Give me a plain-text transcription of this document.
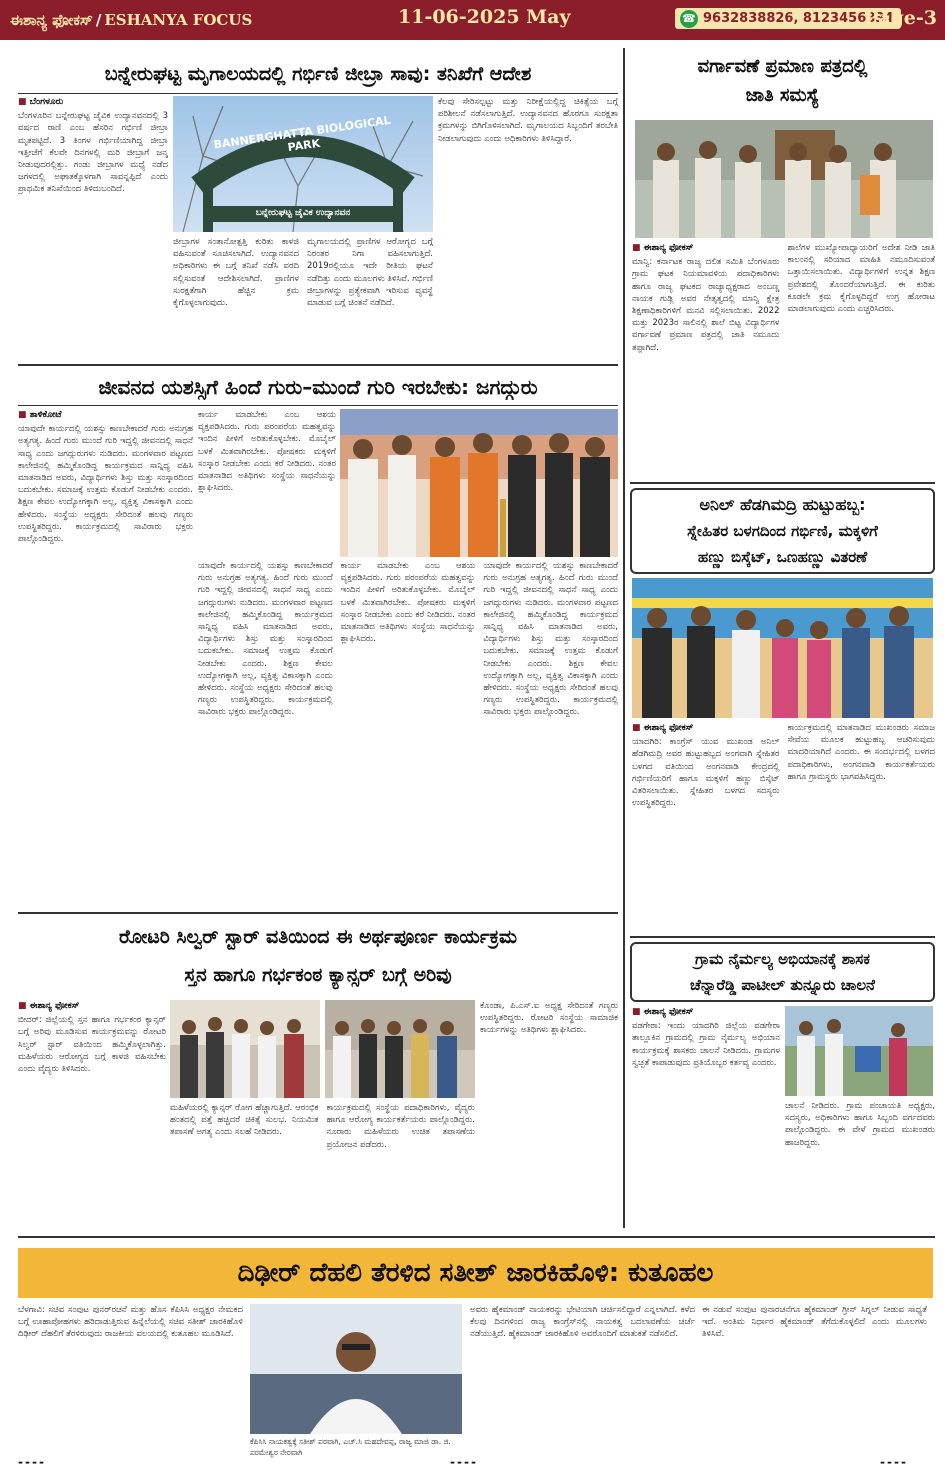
ಈಶಾನ್ಯ ಫೋಕಸ್ / ESHANYA FOCUS	11-06-2025 May	☎ 9632838826, 8123456834
Page-3
ಬನ್ನೇರುಘಟ್ಟ ಮೃಗಾಲಯದಲ್ಲಿ ಗರ್ಭಿಣಿ ಜೀಬ್ರಾ ಸಾವು: ತನಿಖೆಗೆ ಆದೇಶ
■ ಬೆಂಗಳೂರು
ಬೆಂಗಳೂರಿನ ಬನ್ನೇರುಘಟ್ಟ ಜೈವಿಕ ಉದ್ಯಾನವನದಲ್ಲಿ 3 ವರ್ಷದ ರಾಣಿ ಎಂಬ ಹೆಸರಿನ ಗರ್ಭಿಣಿ ಜೀಬ್ರಾ ಮೃತಪಟ್ಟಿದೆ. 3 ತಿಂಗಳ ಗರ್ಭಿಣಿಯಾಗಿದ್ದ ಜೀಬ್ರಾ ಇತ್ತೀಚೆಗೆ ಕೆಲವೇ ದಿನಗಳಲ್ಲಿ ಮರಿ ಜೀಬ್ರಾಗೆ ಜನ್ಮ ನೀಡುವುದರಲ್ಲಿತ್ತು. ಗಂಡು ಜೀಬ್ರಾಗಳ ಮಧ್ಯೆ ನಡೆದ ಜಗಳದಲ್ಲಿ ಅಘಾತಕ್ಕೊಳಗಾಗಿ ಸಾವನ್ನಪ್ಪಿದೆ ಎಂದು ಪ್ರಾಥಮಿಕ ತನಿಖೆಯಿಂದ ತಿಳಿದುಬಂದಿದೆ.
BANNERGHATTA BIOLOGICAL PARK
ಬನ್ನೇರುಘಟ್ಟ ಜೈವಿಕ ಉದ್ಯಾನವನ
ಜೀಬ್ರಾಗಳ ಸಂತಾನೋತ್ಪತ್ತಿ ಕುರಿತು ಕಾಳಜಿ ವಹಿಸುವಂತೆ ಸೂಚಿಸಲಾಗಿದೆ. ಉದ್ಯಾನವನದ ಅಧಿಕಾರಿಗಳು ಈ ಬಗ್ಗೆ ತನಿಖೆ ನಡೆಸಿ ವರದಿ ಸಲ್ಲಿಸುವಂತೆ ಆದೇಶಿಸಲಾಗಿದೆ. ಪ್ರಾಣಿಗಳ ಸುರಕ್ಷತೆಗಾಗಿ ಹೆಚ್ಚಿನ ಕ್ರಮ ಕೈಗೊಳ್ಳಲಾಗುವುದು.
ಮೃಗಾಲಯದಲ್ಲಿ ಪ್ರಾಣಿಗಳ ಆರೋಗ್ಯದ ಬಗ್ಗೆ ನಿರಂತರ ನಿಗಾ ವಹಿಸಲಾಗುತ್ತಿದೆ. 2019ರಲ್ಲಿಯೂ ಇದೇ ರೀತಿಯ ಘಟನೆ ನಡೆದಿತ್ತು ಎಂದು ಮೂಲಗಳು ತಿಳಿಸಿವೆ. ಗರ್ಭಿಣಿ ಜೀಬ್ರಾಗಳನ್ನು ಪ್ರತ್ಯೇಕವಾಗಿ ಇರಿಸುವ ವ್ಯವಸ್ಥೆ ಮಾಡುವ ಬಗ್ಗೆ ಚಿಂತನೆ ನಡೆದಿದೆ.
ಕೆಲವು ಸೇರಿಸಲ್ಪಟ್ಟು ಮತ್ತು ನಿರೀಕ್ಷೆಯಲ್ಲಿದ್ದ ಚಿಕಿತ್ಸೆಯ ಬಗ್ಗೆ ಪರಿಶೀಲನೆ ನಡೆಸಲಾಗುತ್ತಿದೆ. ಉದ್ಯಾನವನದ ಹೊರಗೂ ಸುರಕ್ಷತಾ ಕ್ರಮಗಳನ್ನು ಬಿಗಿಗೊಳಿಸಲಾಗಿದೆ. ಮೃಗಾಲಯದ ಸಿಬ್ಬಂದಿಗೆ ತರಬೇತಿ ನೀಡಲಾಗುವುದು ಎಂದು ಅಧಿಕಾರಿಗಳು ತಿಳಿಸಿದ್ದಾರೆ.
ವರ್ಗಾವಣೆ ಪ್ರಮಾಣ ಪತ್ರದಲ್ಲಿ
ಜಾತಿ ಸಮಸ್ಯೆ
■ ಈಶಾನ್ಯ ಫೋಕಸ್
ಮಾನ್ವಿ: ಕರ್ನಾಟಕ ರಾಜ್ಯ ದಲಿತ ಸಮಿತಿ ಬೆಂಗಳೂರು ಗ್ರಾಮ ಘಟಕ ನಿಯಮಾವಳಿಯ ಪದಾಧಿಕಾರಿಗಳು ಹಾಗೂ ರಾಜ್ಯ ಘಟಕದ ರಾಜ್ಯಾಧ್ಯಕ್ಷರಾದ ಅಂಬಣ್ಣ ನಾಯಕ ಗುಡ್ಲಿ ಅವರ ನೇತೃತ್ವದಲ್ಲಿ ಮಾನ್ವಿ ಕ್ಷೇತ್ರ ಶಿಕ್ಷಣಾಧಿಕಾರಿಗಳಿಗೆ ಮನವಿ ಸಲ್ಲಿಸಲಾಯಿತು. 2022 ಮತ್ತು 2023ರ ಸಾಲಿನಲ್ಲಿ ಶಾಲೆ ಬಿಟ್ಟ ವಿದ್ಯಾರ್ಥಿಗಳ ವರ್ಗಾವಣೆ ಪ್ರಮಾಣ ಪತ್ರದಲ್ಲಿ ಜಾತಿ ನಮೂದು ತಪ್ಪಾಗಿದೆ.
ಶಾಲೆಗಳ ಮುಖ್ಯೋಪಾಧ್ಯಾಯರಿಗೆ ಅದೇಶ ನೀಡಿ ಜಾತಿ ಕಾಲಂನಲ್ಲಿ ಸರಿಯಾದ ಮಾಹಿತಿ ನಮೂದಿಸುವಂತೆ ಒತ್ತಾಯಿಸಲಾಯಿತು. ವಿದ್ಯಾರ್ಥಿಗಳಿಗೆ ಉನ್ನತ ಶಿಕ್ಷಣ ಪ್ರವೇಶದಲ್ಲಿ ತೊಂದರೆಯಾಗುತ್ತಿದೆ. ಈ ಕುರಿತು ಕೂಡಲೇ ಕ್ರಮ ಕೈಗೊಳ್ಳದಿದ್ದರೆ ಉಗ್ರ ಹೋರಾಟ ಮಾಡಲಾಗುವುದು ಎಂದು ಎಚ್ಚರಿಸಿದರು.
ಜೀವನದ ಯಶಸ್ಸಿಗೆ ಹಿಂದೆ ಗುರು–ಮುಂದೆ ಗುರಿ ಇರಬೇಕು: ಜಗದ್ಗುರು
■ ತಾಳಿಕೋಟೆ
ಯಾವುದೇ ಕಾರ್ಯದಲ್ಲಿ ಯಶಸ್ಸು ಕಾಣಬೇಕಾದರೆ ಗುರು ಅನುಗ್ರಹ ಅತ್ಯಗತ್ಯ. ಹಿಂದೆ ಗುರು ಮುಂದೆ ಗುರಿ ಇದ್ದಲ್ಲಿ ಜೀವನದಲ್ಲಿ ಸಾಧನೆ ಸಾಧ್ಯ ಎಂದು ಜಗದ್ಗುರುಗಳು ನುಡಿದರು. ಮಂಗಳವಾರ ಪಟ್ಟಣದ ಕಾಲೇಜಿನಲ್ಲಿ ಹಮ್ಮಿಕೊಂಡಿದ್ದ ಕಾರ್ಯಕ್ರಮದ ಸಾನ್ನಿಧ್ಯ ವಹಿಸಿ ಮಾತನಾಡಿದ ಅವರು, ವಿದ್ಯಾರ್ಥಿಗಳು ಶಿಸ್ತು ಮತ್ತು ಸಂಸ್ಕಾರದಿಂದ ಬದುಕಬೇಕು. ಸಮಾಜಕ್ಕೆ ಉತ್ತಮ ಕೊಡುಗೆ ನೀಡಬೇಕು ಎಂದರು. ಶಿಕ್ಷಣ ಕೇವಲ ಉದ್ಯೋಗಕ್ಕಾಗಿ ಅಲ್ಲ, ವ್ಯಕ್ತಿತ್ವ ವಿಕಾಸಕ್ಕಾಗಿ ಎಂದು ಹೇಳಿದರು. ಸಂಸ್ಥೆಯ ಅಧ್ಯಕ್ಷರು ಸೇರಿದಂತೆ ಹಲವು ಗಣ್ಯರು ಉಪಸ್ಥಿತರಿದ್ದರು. ಕಾರ್ಯಕ್ರಮದಲ್ಲಿ ಸಾವಿರಾರು ಭಕ್ತರು ಪಾಲ್ಗೊಂಡಿದ್ದರು.
ಕಾರ್ಯ ಮಾಡಬೇಕು ಎಂಬ ಆಶಯ ವ್ಯಕ್ತಪಡಿಸಿದರು. ಗುರು ಪರಂಪರೆಯ ಮಹತ್ವವನ್ನು ಇಂದಿನ ಪೀಳಿಗೆ ಅರಿತುಕೊಳ್ಳಬೇಕು. ಮೊಬೈಲ್ ಬಳಕೆ ಮಿತವಾಗಿರಬೇಕು. ಪೋಷಕರು ಮಕ್ಕಳಿಗೆ ಸಂಸ್ಕಾರ ನೀಡಬೇಕು ಎಂದು ಕರೆ ನೀಡಿದರು. ನಂತರ ಮಾತನಾಡಿದ ಅತಿಥಿಗಳು ಸಂಸ್ಥೆಯ ಸಾಧನೆಯನ್ನು ಶ್ಲಾಘಿಸಿದರು.
ಯಾವುದೇ ಕಾರ್ಯದಲ್ಲಿ ಯಶಸ್ಸು ಕಾಣಬೇಕಾದರೆ ಗುರು ಅನುಗ್ರಹ ಅತ್ಯಗತ್ಯ. ಹಿಂದೆ ಗುರು ಮುಂದೆ ಗುರಿ ಇದ್ದಲ್ಲಿ ಜೀವನದಲ್ಲಿ ಸಾಧನೆ ಸಾಧ್ಯ ಎಂದು ಜಗದ್ಗುರುಗಳು ನುಡಿದರು. ಮಂಗಳವಾರ ಪಟ್ಟಣದ ಕಾಲೇಜಿನಲ್ಲಿ ಹಮ್ಮಿಕೊಂಡಿದ್ದ ಕಾರ್ಯಕ್ರಮದ ಸಾನ್ನಿಧ್ಯ ವಹಿಸಿ ಮಾತನಾಡಿದ ಅವರು, ವಿದ್ಯಾರ್ಥಿಗಳು ಶಿಸ್ತು ಮತ್ತು ಸಂಸ್ಕಾರದಿಂದ ಬದುಕಬೇಕು. ಸಮಾಜಕ್ಕೆ ಉತ್ತಮ ಕೊಡುಗೆ ನೀಡಬೇಕು ಎಂದರು. ಶಿಕ್ಷಣ ಕೇವಲ ಉದ್ಯೋಗಕ್ಕಾಗಿ ಅಲ್ಲ, ವ್ಯಕ್ತಿತ್ವ ವಿಕಾಸಕ್ಕಾಗಿ ಎಂದು ಹೇಳಿದರು. ಸಂಸ್ಥೆಯ ಅಧ್ಯಕ್ಷರು ಸೇರಿದಂತೆ ಹಲವು ಗಣ್ಯರು ಉಪಸ್ಥಿತರಿದ್ದರು. ಕಾರ್ಯಕ್ರಮದಲ್ಲಿ ಸಾವಿರಾರು ಭಕ್ತರು ಪಾಲ್ಗೊಂಡಿದ್ದರು.
ಕಾರ್ಯ ಮಾಡಬೇಕು ಎಂಬ ಆಶಯ ವ್ಯಕ್ತಪಡಿಸಿದರು. ಗುರು ಪರಂಪರೆಯ ಮಹತ್ವವನ್ನು ಇಂದಿನ ಪೀಳಿಗೆ ಅರಿತುಕೊಳ್ಳಬೇಕು. ಮೊಬೈಲ್ ಬಳಕೆ ಮಿತವಾಗಿರಬೇಕು. ಪೋಷಕರು ಮಕ್ಕಳಿಗೆ ಸಂಸ್ಕಾರ ನೀಡಬೇಕು ಎಂದು ಕರೆ ನೀಡಿದರು. ನಂತರ ಮಾತನಾಡಿದ ಅತಿಥಿಗಳು ಸಂಸ್ಥೆಯ ಸಾಧನೆಯನ್ನು ಶ್ಲಾಘಿಸಿದರು.
ಯಾವುದೇ ಕಾರ್ಯದಲ್ಲಿ ಯಶಸ್ಸು ಕಾಣಬೇಕಾದರೆ ಗುರು ಅನುಗ್ರಹ ಅತ್ಯಗತ್ಯ. ಹಿಂದೆ ಗುರು ಮುಂದೆ ಗುರಿ ಇದ್ದಲ್ಲಿ ಜೀವನದಲ್ಲಿ ಸಾಧನೆ ಸಾಧ್ಯ ಎಂದು ಜಗದ್ಗುರುಗಳು ನುಡಿದರು. ಮಂಗಳವಾರ ಪಟ್ಟಣದ ಕಾಲೇಜಿನಲ್ಲಿ ಹಮ್ಮಿಕೊಂಡಿದ್ದ ಕಾರ್ಯಕ್ರಮದ ಸಾನ್ನಿಧ್ಯ ವಹಿಸಿ ಮಾತನಾಡಿದ ಅವರು, ವಿದ್ಯಾರ್ಥಿಗಳು ಶಿಸ್ತು ಮತ್ತು ಸಂಸ್ಕಾರದಿಂದ ಬದುಕಬೇಕು. ಸಮಾಜಕ್ಕೆ ಉತ್ತಮ ಕೊಡುಗೆ ನೀಡಬೇಕು ಎಂದರು. ಶಿಕ್ಷಣ ಕೇವಲ ಉದ್ಯೋಗಕ್ಕಾಗಿ ಅಲ್ಲ, ವ್ಯಕ್ತಿತ್ವ ವಿಕಾಸಕ್ಕಾಗಿ ಎಂದು ಹೇಳಿದರು. ಸಂಸ್ಥೆಯ ಅಧ್ಯಕ್ಷರು ಸೇರಿದಂತೆ ಹಲವು ಗಣ್ಯರು ಉಪಸ್ಥಿತರಿದ್ದರು. ಕಾರ್ಯಕ್ರಮದಲ್ಲಿ ಸಾವಿರಾರು ಭಕ್ತರು ಪಾಲ್ಗೊಂಡಿದ್ದರು.
ಅನಿಲ್ ಹೆಡಗಿಮದ್ರಿ ಹುಟ್ಟುಹಬ್ಬ:
ಸ್ನೇಹಿತರ ಬಳಗದಿಂದ ಗರ್ಭಿಣಿ, ಮಕ್ಕಳಿಗೆ
ಹಣ್ಣು ಬಿಸ್ಕೆಟ್, ಒಣಹಣ್ಣು ವಿತರಣೆ
■ ಈಶಾನ್ಯ ಫೋಕಸ್
ಯಾದಗಿರಿ: ಕಾಂಗ್ರೆಸ್ ಯುವ ಮುಖಂಡ ಅನಿಲ್ ಹೆಡಗಿಮದ್ರಿ ಅವರ ಹುಟ್ಟುಹಬ್ಬದ ಅಂಗವಾಗಿ ಸ್ನೇಹಿತರ ಬಳಗದ ವತಿಯಿಂದ ಅಂಗನವಾಡಿ ಕೇಂದ್ರದಲ್ಲಿ ಗರ್ಭಿಣಿಯರಿಗೆ ಹಾಗೂ ಮಕ್ಕಳಿಗೆ ಹಣ್ಣು ಬಿಸ್ಕೆಟ್ ವಿತರಿಸಲಾಯಿತು. ಸ್ನೇಹಿತರ ಬಳಗದ ಸದಸ್ಯರು ಉಪಸ್ಥಿತರಿದ್ದರು.
ಕಾರ್ಯಕ್ರಮದಲ್ಲಿ ಮಾತನಾಡಿದ ಮುಖಂಡರು ಸಮಾಜ ಸೇವೆಯ ಮೂಲಕ ಹುಟ್ಟುಹಬ್ಬ ಆಚರಿಸುವುದು ಮಾದರಿಯಾಗಿದೆ ಎಂದರು. ಈ ಸಂದರ್ಭದಲ್ಲಿ ಬಳಗದ ಪದಾಧಿಕಾರಿಗಳು, ಅಂಗನವಾಡಿ ಕಾರ್ಯಕರ್ತೆಯರು ಹಾಗೂ ಗ್ರಾಮಸ್ಥರು ಭಾಗವಹಿಸಿದ್ದರು.
ರೋಟರಿ ಸಿಲ್ವರ್ ಸ್ಟಾರ್ ವತಿಯಿಂದ ಈ ಅರ್ಥಪೂರ್ಣ ಕಾರ್ಯಕ್ರಮ
ಸ್ತನ ಹಾಗೂ ಗರ್ಭಕಂಠ ಕ್ಯಾನ್ಸರ್ ಬಗ್ಗೆ ಅರಿವು
■ ಈಶಾನ್ಯ ಫೋಕಸ್
ಬೀದರ್: ಜಿಲ್ಲೆಯಲ್ಲಿ ಸ್ತನ ಹಾಗೂ ಗರ್ಭಕಂಠ ಕ್ಯಾನ್ಸರ್ ಬಗ್ಗೆ ಅರಿವು ಮೂಡಿಸುವ ಕಾರ್ಯಕ್ರಮವನ್ನು ರೋಟರಿ ಸಿಲ್ವರ್ ಸ್ಟಾರ್ ವತಿಯಿಂದ ಹಮ್ಮಿಕೊಳ್ಳಲಾಗಿತ್ತು. ಮಹಿಳೆಯರು ಆರೋಗ್ಯದ ಬಗ್ಗೆ ಕಾಳಜಿ ವಹಿಸಬೇಕು ಎಂದು ವೈದ್ಯರು ತಿಳಿಸಿದರು.
ಮಹಿಳೆಯರಲ್ಲಿ ಕ್ಯಾನ್ಸರ್ ರೋಗ ಹೆಚ್ಚಾಗುತ್ತಿದೆ. ಆರಂಭಿಕ ಹಂತದಲ್ಲಿ ಪತ್ತೆ ಹಚ್ಚಿದರೆ ಚಿಕಿತ್ಸೆ ಸುಲಭ. ನಿಯಮಿತ ತಪಾಸಣೆ ಅಗತ್ಯ ಎಂದು ಸಲಹೆ ನೀಡಿದರು.
ಕಾರ್ಯಕ್ರಮದಲ್ಲಿ ಸಂಸ್ಥೆಯ ಪದಾಧಿಕಾರಿಗಳು, ವೈದ್ಯರು ಹಾಗೂ ಆರೋಗ್ಯ ಕಾರ್ಯಕರ್ತೆಯರು ಪಾಲ್ಗೊಂಡಿದ್ದರು. ನೂರಾರು ಮಹಿಳೆಯರು ಉಚಿತ ತಪಾಸಣೆಯ ಪ್ರಯೋಜನ ಪಡೆದರು.
ಕೊಂಡಾ, ಪಿ.ಎಸ್.ಐ ಅಧ್ಯಕ್ಷ ಸೇರಿದಂತೆ ಗಣ್ಯರು ಉಪಸ್ಥಿತರಿದ್ದರು. ರೋಟರಿ ಸಂಸ್ಥೆಯ ಸಾಮಾಜಿಕ ಕಾರ್ಯಗಳನ್ನು ಅತಿಥಿಗಳು ಶ್ಲಾಘಿಸಿದರು.
ಗ್ರಾಮ ನೈರ್ಮಲ್ಯ ಅಭಿಯಾನಕ್ಕೆ ಶಾಸಕ
ಚೆನ್ನಾರೆಡ್ಡಿ ಪಾಟೀಲ್ ತುನ್ನೂರು ಚಾಲನೆ
■ ಈಶಾನ್ಯ ಫೋಕಸ್
ವಡಗೇರಾ: ಇಂದು ಯಾದಗಿರಿ ಜಿಲ್ಲೆಯ ವಡಗೇರಾ ತಾಲ್ಲೂಕಿನ ಗ್ರಾಮದಲ್ಲಿ ಗ್ರಾಮ ನೈರ್ಮಲ್ಯ ಅಭಿಯಾನ ಕಾರ್ಯಕ್ರಮಕ್ಕೆ ಶಾಸಕರು ಚಾಲನೆ ನೀಡಿದರು. ಗ್ರಾಮಗಳ ಸ್ವಚ್ಛತೆ ಕಾಪಾಡುವುದು ಪ್ರತಿಯೊಬ್ಬರ ಕರ್ತವ್ಯ ಎಂದರು.
ಚಾಲನೆ ನೀಡಿದರು. ಗ್ರಾಮ ಪಂಚಾಯತಿ ಅಧ್ಯಕ್ಷರು, ಸದಸ್ಯರು, ಅಧಿಕಾರಿಗಳು ಹಾಗೂ ಸಿಬ್ಬಂದಿ ವರ್ಗದವರು ಪಾಲ್ಗೊಂಡಿದ್ದರು. ಈ ವೇಳೆ ಗ್ರಾಮದ ಮುಖಂಡರು ಹಾಜರಿದ್ದರು.
ದಿಢೀರ್ ದೆಹಲಿ ತೆರಳಿದ ಸತೀಶ್ ಜಾರಕಿಹೊಳಿ: ಕುತೂಹಲ
ಬೆಳಗಾವಿ: ಸಚಿವ ಸಂಪುಟ ಪುನರ್‌ರಚನೆ ಮತ್ತು ಹೊಸ ಕೆಪಿಸಿಸಿ ಅಧ್ಯಕ್ಷರ ನೇಮಕದ ಬಗ್ಗೆ ಊಹಾಪೋಹಗಳು ಹರಿದಾಡುತ್ತಿರುವ ಹಿನ್ನೆಲೆಯಲ್ಲಿ ಸಚಿವ ಸತೀಶ್ ಜಾರಕಿಹೊಳಿ ದಿಢೀರ್ ದೆಹಲಿಗೆ ತೆರಳಿರುವುದು ರಾಜಕೀಯ ವಲಯದಲ್ಲಿ ಕುತೂಹಲ ಮೂಡಿಸಿದೆ.
ಕೆಪಿಸಿಸಿ ನಾಯಕತ್ವಕ್ಕೆ ಸತೀಶ್ ಪರವಾಗಿ, ಎಚ್.ಸಿ ಮಹದೇವಪ್ಪ, ರಾಜ್ಯ ಮಾಜಿ ಡಾ. ಜಿ. ಪರಮೇಶ್ವರ ನೇರವಾಗಿ
ಅವರು ಹೈಕಮಾಂಡ್ ನಾಯಕರನ್ನು ಭೇಟಿಯಾಗಿ ಚರ್ಚಿಸಲಿದ್ದಾರೆ ಎನ್ನಲಾಗಿದೆ. ಕಳೆದ ಕೆಲವು ದಿನಗಳಿಂದ ರಾಜ್ಯ ಕಾಂಗ್ರೆಸ್‌ನಲ್ಲಿ ನಾಯಕತ್ವ ಬದಲಾವಣೆಯ ಚರ್ಚೆ ನಡೆಯುತ್ತಿದೆ. ಹೈಕಮಾಂಡ್ ಜಾರಕಿಹೊಳಿ ಅವರೊಂದಿಗೆ ಮಾತುಕತೆ ನಡೆಸಲಿದೆ.
ಈ ನಡುವೆ ಸಂಪುಟ ಪುನಾರಚನೆಗೂ ಹೈಕಮಾಂಡ್ ಗ್ರೀನ್ ಸಿಗ್ನಲ್ ನೀಡುವ ಸಾಧ್ಯತೆ ಇದೆ. ಅಂತಿಮ ನಿರ್ಧಾರ ಹೈಕಮಾಂಡ್ ತೆಗೆದುಕೊಳ್ಳಲಿದೆ ಎಂದು ಮೂಲಗಳು ತಿಳಿಸಿವೆ.
----	----	----
